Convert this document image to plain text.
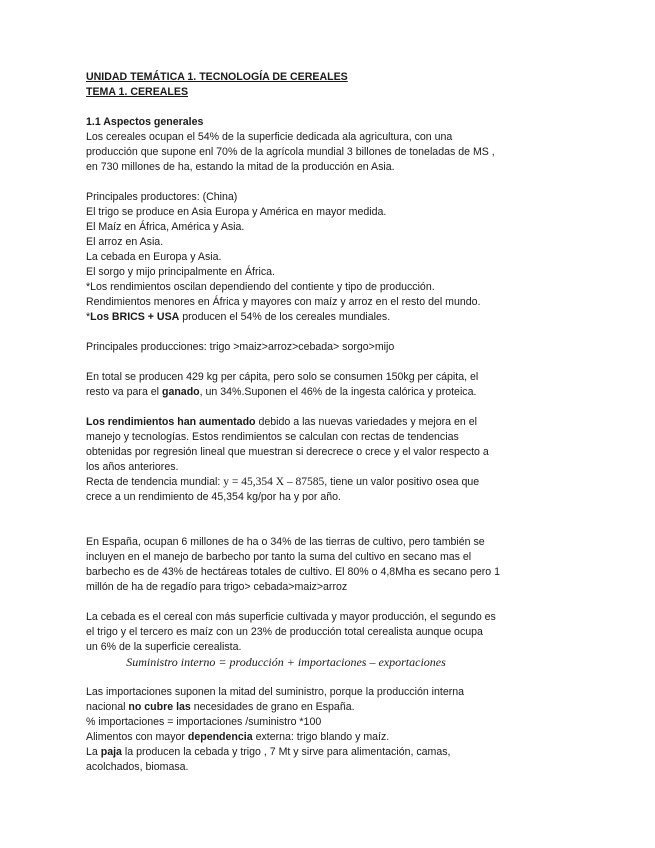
UNIDAD TEMÁTICA 1. TECNOLOGÍA DE CEREALES

TEMA 1. CEREALES

1.1 Aspectos generales

Los cereales ocupan el 54% de la superficie dedicada ala agricultura, con una

producción que supone enl 70% de la agrícola mundial 3 billones de toneladas de MS ,

en 730 millones de ha, estando la mitad de la producción en Asia.

Principales productores: (China)

El trigo se produce en Asia Europa y América en mayor medida.

El Maíz en África, América y Asia.

El arroz en Asia.

La cebada en Europa y Asia.

El sorgo y mijo principalmente en África.

*Los rendimientos oscilan dependiendo del contiente y tipo de producción.

Rendimientos menores en África y mayores con maíz y arroz en el resto del mundo.

*Los BRICS + USA producen el 54% de los cereales mundiales.

Principales producciones: trigo >maiz>arroz>cebada> sorgo>mijo

En total se producen 429 kg per cápita, pero solo se consumen 150kg per cápita, el

resto va para el ganado, un 34%.Suponen el 46% de la ingesta calórica y proteica.

Los rendimientos han aumentado debido a las nuevas variedades y mejora en el

manejo y tecnologías. Estos rendimientos se calculan con rectas de tendencias

obtenidas por regresión lineal que muestran si derecrece o crece y el valor respecto a

los años anteriores.

Recta de tendencia mundial: y = 45,354 X – 87585, tiene un valor positivo osea que

crece a un rendimiento de 45,354 kg/por ha y por año.

En España, ocupan 6 millones de ha o 34% de las tierras de cultivo, pero también se

incluyen en el manejo de barbecho por tanto la suma del cultivo en secano mas el

barbecho es de 43% de hectáreas totales de cultivo. El 80% o 4,8Mha es secano pero 1

millón de ha de regadío para trigo> cebada>maiz>arroz

La cebada es el cereal con más superficie cultivada y mayor producción, el segundo es

el trigo y el tercero es maíz con un 23% de producción total cerealista aunque ocupa

un 6% de la superficie cerealista.

Suministro interno = producción + importaciones – exportaciones

Las importaciones suponen la mitad del suministro, porque la producción interna

nacional no cubre las necesidades de grano en España.

% importaciones = importaciones /suministro *100

Alimentos con mayor dependencia externa: trigo blando y maíz.

La paja la producen la cebada y trigo , 7 Mt y sirve para alimentación, camas,

acolchados, biomasa.
